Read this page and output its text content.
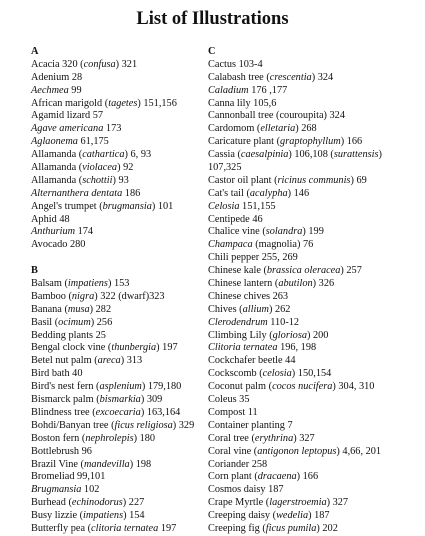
List of Illustrations
A
Acacia 320 (confusa) 321
Adenium 28
Aechmea 99
African marigold (tagetes) 151,156
Agamid lizard 57
Agave americana 173
Aglaonema 61,175
Allamanda (cathartica) 6, 93
Allamanda (violacea) 92
Allamanda (schottii) 93
Alternanthera dentata 186
Angel's trumpet (brugmansia) 101
Aphid 48
Anthurium 174
Avocado 280
B
Balsam (impatiens) 153
Bamboo (nigra) 322 (dwarf)323
Banana (musa) 282
Basil (ocimum) 256
Bedding plants 25
Bengal clock vine (thunbergia) 197
Betel nut palm (areca) 313
Bird bath 40
Bird's nest fern (asplenium) 179,180
Bismarck palm (bismarkia) 309
Blindness tree (excoecaria) 163,164
Bohdi/Banyan tree (ficus religiosa) 329
Boston fern (nephrolepis) 180
Bottlebrush 96
Brazil Vine (mandevilla) 198
Bromeliad 99,101
Brugmansia 102
Burhead (echinodorus) 227
Busy lizzie (impatiens) 154
Butterfly pea (clitoria ternatea 197
C
Cactus 103-4
Calabash tree (crescentia) 324
Caladium 176 ,177
Canna lily 105,6
Cannonball tree (couroupita) 324
Cardomom (elletaria) 268
Caricature plant (graptophyllum) 166
Cassia (caesalpinia) 106,108 (surattensis)
107,325
Castor oil plant (ricinus communis) 69
Cat's tail (acalypha) 146
Celosia 151,155
Centipede 46
Chalice vine (solandra) 199
Champaca (magnolia) 76
Chili pepper 255, 269
Chinese kale (brassica oleracea) 257
Chinese lantern (abutilon) 326
Chinese chives 263
Chives (allium) 262
Clerodendrum 110-12
Climbing Lily (gloriosa) 200
Clitoria ternatea 196, 198
Cockchafer beetle 44
Cockscomb (celosia) 150,154
Coconut palm (cocos nucifera) 304, 310
Coleus 35
Compost 11
Container planting 7
Coral tree (erythrina) 327
Coral vine (antigonon leptopus) 4,66, 201
Coriander 258
Corn plant (dracaena) 166
Cosmos daisy 187
Crape Myrtle (lagerstroemia) 327
Creeping daisy (wedelia) 187
Creeping fig (ficus pumila) 202
